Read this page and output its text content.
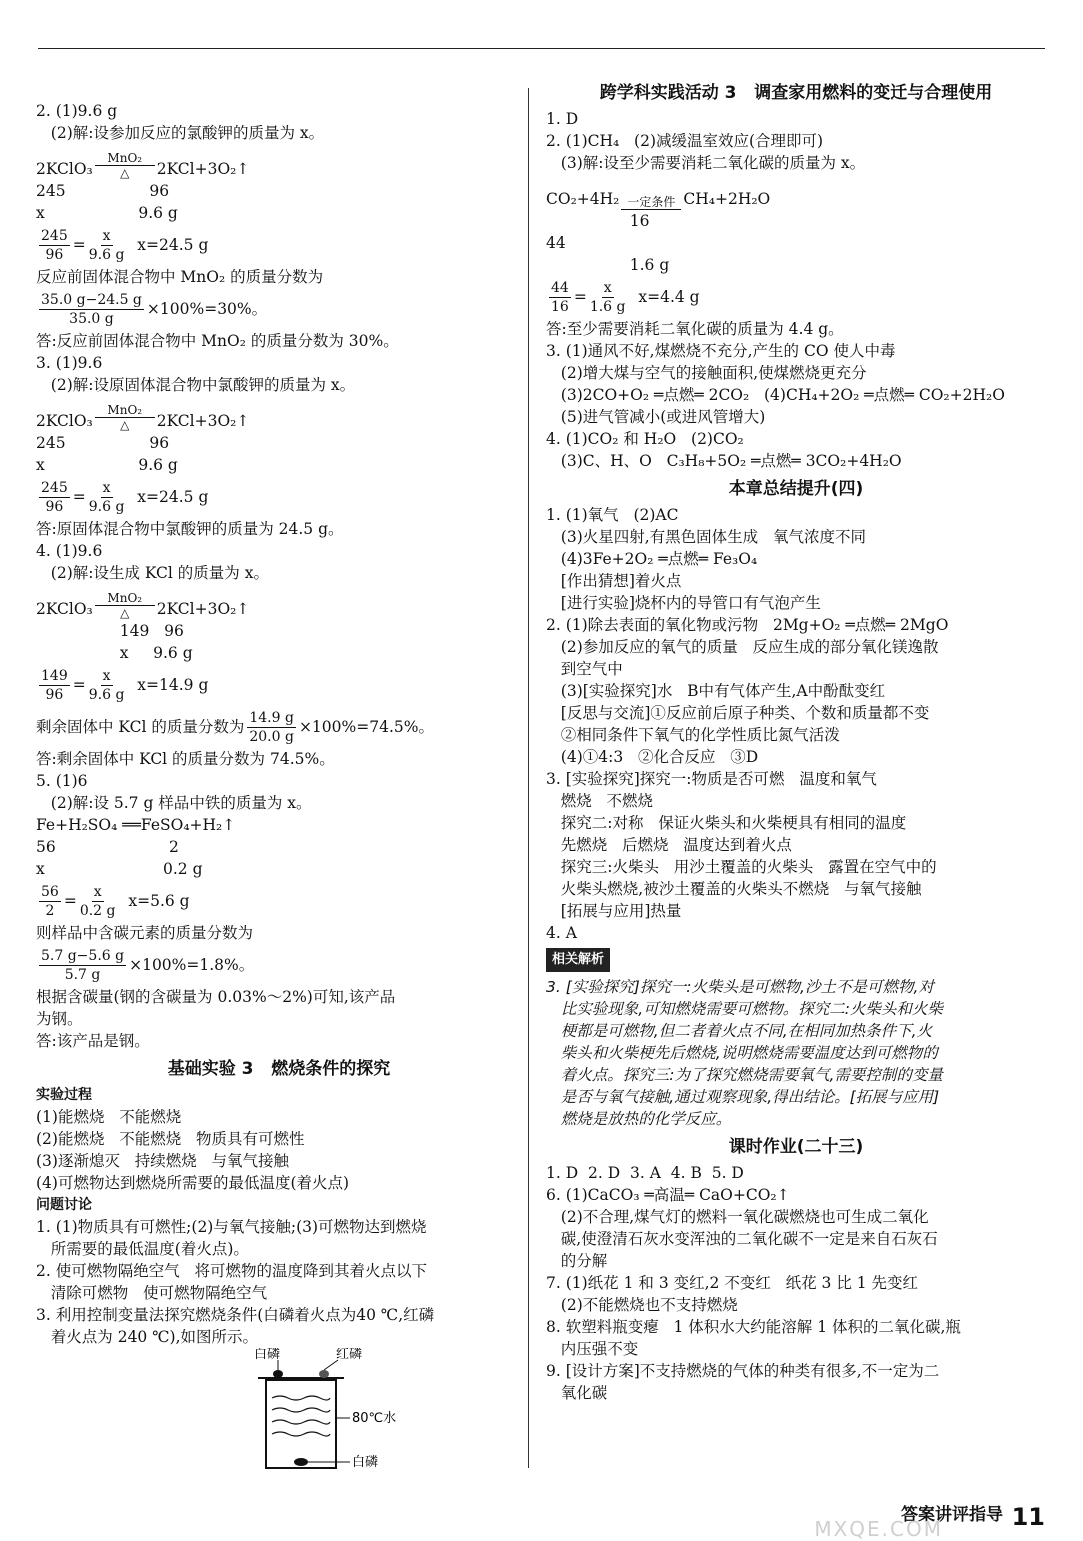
2. (1)9.6 g
(2)解:设参加反应的氯酸钾的质量为 x。
2KClO₃
MnO₂
△ 2KCl+3O₂↑
245                 96
x                   9.6 g
$\frac{245}{96} = \frac{x}{9.6 g} x=24.5$ g
反应前固体混合物中 MnO₂ 的质量分数为
$\frac{35.0 g-24.5 g}{35.0 g} \times 100\%=30\%$。
答:反应前固体混合物中 MnO₂ 的质量分数为 30%。
3. (1)9.6
(2)解:设原固体混合物中氯酸钾的质量为 x。
2KClO₃
MnO₂
△ 2KCl+3O₂↑
245                 96
x                   9.6 g
$\frac{245}{96} = \frac{x}{9.6 g} x=24.5$ g
答:原固体混合物中氯酸钾的质量为 24.5 g。
4. (1)9.6
(2)解:设生成 KCl 的质量为 x。
2KClO₃
MnO₂
△ 2KCl+3O₂↑
149   96
x     9.6 g
$\frac{149}{96} = \frac{x}{9.6 g} x=14.9$ g
剩余固体中 KCl 的质量分数为 $\frac{14.9 g}{20.0 g} \times 100\%=74.5\%$。
答:剩余固体中 KCl 的质量分数为 74.5%。
5. (1)6
(2)解:设 5.7 g 样品中铁的质量为 x。
Fe+H₂SO₄ ══FeSO₄+H₂↑
56                       2
x                        0.2 g
$\frac{56}{2} = \frac{x}{0.2 g} x=5.6$ g
则样品中含碳元素的质量分数为
$\frac{5.7 g-5.6 g}{5.7 g} \times 100\%=1.8\%$。
根据含碳量(钢的含碳量为 0.03%～2%)可知,该产品
为钢。
答:该产品是钢。
基础实验 3   燃烧条件的探究
实验过程
(1)能燃烧   不能燃烧
(2)能燃烧   不能燃烧   物质具有可燃性
(3)逐渐熄灭   持续燃烧   与氧气接触
(4)可燃物达到燃烧所需要的最低温度(着火点)
问题讨论
1. (1)物质具有可燃性;(2)与氧气接触;(3)可燃物达到燃烧
所需要的最低温度(着火点)。
2. 使可燃物隔绝空气   将可燃物的温度降到其着火点以下
清除可燃物   使可燃物隔绝空气
3. 利用控制变量法探究燃烧条件(白磷着火点为40 ℃,红磷
着火点为 240 ℃),如图所示。
白磷	红磷
80℃水
白磷
跨学科实践活动 3   调查家用燃料的变迁与合理使用
1. D
2. (1)CH₄   (2)减缓温室效应(合理即可)
(3)解:设至少需要消耗二氧化碳的质量为 x。
CO₂+4H₂ 一定条件 CH₄+2H₂O
16
44
1.6 g
$\frac{44}{16} = \frac{x}{1.6 g} x=4.4$ g
答:至少需要消耗二氧化碳的质量为 4.4 g。
3. (1)通风不好,煤燃烧不充分,产生的 CO 使人中毒
(2)增大煤与空气的接触面积,使煤燃烧更充分
(3)2CO+O₂ ═点燃═ 2CO₂   (4)CH₄+2O₂ ═点燃═ CO₂+2H₂O
(5)进气管减小(或进风管增大)
4. (1)CO₂ 和 H₂O   (2)CO₂
(3)C、H、O   C₃H₈+5O₂ ═点燃═ 3CO₂+4H₂O
本章总结提升(四)
1. (1)氧气   (2)AC
(3)火星四射,有黑色固体生成   氧气浓度不同
(4)3Fe+2O₂ ═点燃═ Fe₃O₄
[作出猜想]着火点
[进行实验]烧杯内的导管口有气泡产生
2. (1)除去表面的氧化物或污物   2Mg+O₂ ═点燃═ 2MgO
(2)参加反应的氧气的质量   反应生成的部分氧化镁逸散
到空气中
(3)[实验探究]水   B中有气体产生,A中酚酞变红
[反思与交流]①反应前后原子种类、个数和质量都不变
②相同条件下氧气的化学性质比氮气活泼
(4)①4:3   ②化合反应   ③D
3. [实验探究]探究一:物质是否可燃   温度和氧气
燃烧   不燃烧
探究二:对称   保证火柴头和火柴梗具有相同的温度
先燃烧   后燃烧   温度达到着火点
探究三:火柴头   用沙土覆盖的火柴头   露置在空气中的
火柴头燃烧,被沙土覆盖的火柴头不燃烧   与氧气接触
[拓展与应用]热量
4. A
相关解析
3. [实验探究]探究一:火柴头是可燃物,沙土不是可燃物,对
比实验现象,可知燃烧需要可燃物。探究二:火柴头和火柴
梗都是可燃物,但二者着火点不同,在相同加热条件下,火
柴头和火柴梗先后燃烧,说明燃烧需要温度达到可燃物的
着火点。探究三:为了探究燃烧需要氧气,需要控制的变量
是否与氧气接触,通过观察现象,得出结论。[拓展与应用]
燃烧是放热的化学反应。
课时作业(二十三)
1. D  2. D  3. A  4. B  5. D
6. (1)CaCO₃ ═高温═ CaO+CO₂↑
(2)不合理,煤气灯的燃料一氧化碳燃烧也可生成二氧化
碳,使澄清石灰水变浑浊的二氧化碳不一定是来自石灰石
的分解
7. (1)纸花 1 和 3 变红,2 不变红   纸花 3 比 1 先变红
(2)不能燃烧也不支持燃烧
8. 软塑料瓶变瘪   1 体积水大约能溶解 1 体积的二氧化碳,瓶
内压强不变
9. [设计方案]不支持燃烧的气体的种类有很多,不一定为二
氧化碳
答案讲评指导 11
MXQE.COM
